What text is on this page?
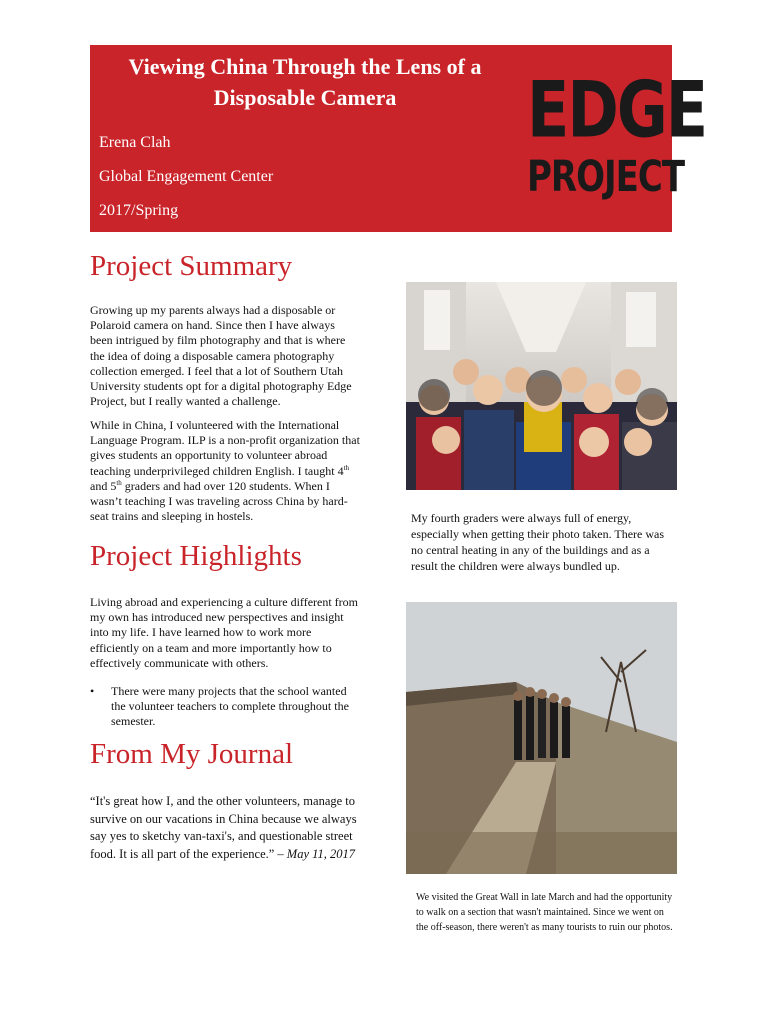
Viewing China Through the Lens of a
Disposable Camera
Erena Clah
Global Engagement Center
2017/Spring
EDGE
PROJECT
Project Summary

Growing up my parents always had a disposable or Polaroid camera on hand. Since then I have always been intrigued by film photography and that is where the idea of doing a disposable camera photography collection emerged. I feel that a lot of Southern Utah University students opt for a digital photography Edge Project, but I really wanted a challenge.

While in China, I volunteered with the International Language Program. ILP is a non-profit organization that gives students an opportunity to volunteer abroad teaching underprivileged children English. I taught 4th and 5th graders and had over 120 students. When I wasn’t teaching I was traveling across China by hard-seat trains and sleeping in hostels.

Project Highlights

Living abroad and experiencing a culture different from my own has introduced new perspectives and insight into my life. I have learned how to work more efficiently on a team and more importantly how to effectively communicate with others.

• There were many projects that the school wanted the volunteer teachers to complete throughout the semester.
From My Journal

“It's great how I, and the other volunteers, manage to survive on our vacations in China because we always say yes to sketchy van-taxi's, and questionable street food. It is all part of the experience.” – May 11, 2017

My fourth graders were always full of energy, especially when getting their photo taken. There was no central heating in any of the buildings and as a result the children were always bundled up.

We visited the Great Wall in late March and had the opportunity to walk on a section that wasn't maintained. Since we went on the off-season, there weren't as many tourists to ruin our photos.
